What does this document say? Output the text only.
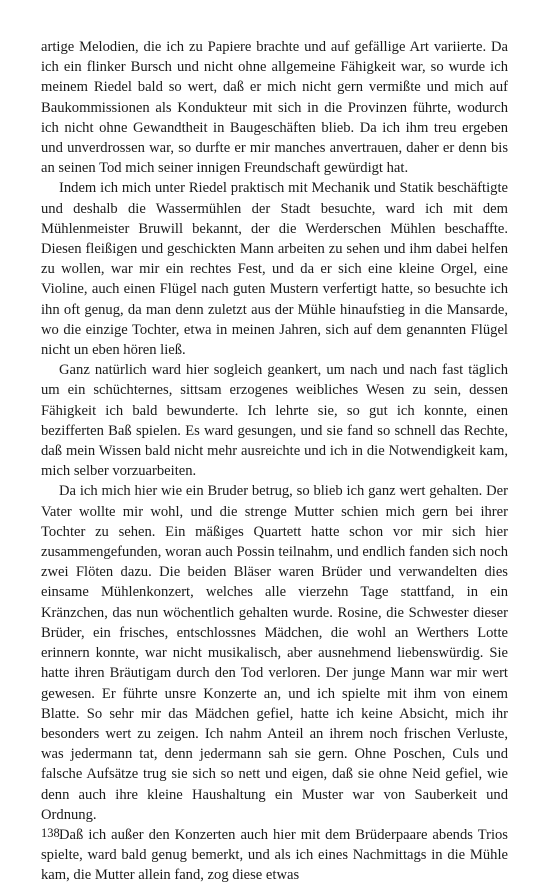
artige Melodien, die ich zu Papiere brachte und auf gefällige Art variierte. Da ich ein flinker Bursch und nicht ohne allgemeine Fähigkeit war, so wurde ich meinem Riedel bald so wert, daß er mich nicht gern vermißte und mich auf Baukommissionen als Kondukteur mit sich in die Provinzen führte, wodurch ich nicht ohne Gewandtheit in Baugeschäften blieb. Da ich ihm treu ergeben und unverdrossen war, so durfte er mir manches anvertrauen, daher er denn bis an seinen Tod mich seiner innigen Freundschaft gewürdigt hat.

Indem ich mich unter Riedel praktisch mit Mechanik und Statik beschäftigte und deshalb die Wassermühlen der Stadt besuchte, ward ich mit dem Mühlenmeister Bruwill bekannt, der die Werderschen Mühlen beschaffte. Diesen fleißigen und geschickten Mann arbeiten zu sehen und ihm dabei helfen zu wollen, war mir ein rechtes Fest, und da er sich eine kleine Orgel, eine Violine, auch einen Flügel nach guten Mustern verfertigt hatte, so besuchte ich ihn oft genug, da man denn zuletzt aus der Mühle hinaufstieg in die Mansarde, wo die einzige Tochter, etwa in meinen Jahren, sich auf dem genannten Flügel nicht un eben hören ließ.

Ganz natürlich ward hier sogleich geankert, um nach und nach fast täglich um ein schüchternes, sittsam erzogenes weibliches Wesen zu sein, dessen Fähigkeit ich bald bewunderte. Ich lehrte sie, so gut ich konnte, einen bezifferten Baß spielen. Es ward gesungen, und sie fand so schnell das Rechte, daß mein Wissen bald nicht mehr ausreichte und ich in die Notwendigkeit kam, mich selber vorzuarbeiten.

Da ich mich hier wie ein Bruder betrug, so blieb ich ganz wert gehalten. Der Vater wollte mir wohl, und die strenge Mutter schien mich gern bei ihrer Tochter zu sehen. Ein mäßiges Quartett hatte schon vor mir sich hier zusammengefunden, woran auch Possin teilnahm, und endlich fanden sich noch zwei Flöten dazu. Die beiden Bläser waren Brüder und verwandelten dies einsame Mühlenkonzert, welches alle vierzehn Tage stattfand, in ein Kränzchen, das nun wöchentlich gehalten wurde. Rosine, die Schwester dieser Brüder, ein frisches, entschlossnes Mädchen, die wohl an Werthers Lotte erinnern konnte, war nicht musikalisch, aber ausnehmend liebenswürdig. Sie hatte ihren Bräutigam durch den Tod verloren. Der junge Mann war mir wert gewesen. Er führte unsre Konzerte an, und ich spielte mit ihm von einem Blatte. So sehr mir das Mädchen gefiel, hatte ich keine Absicht, mich ihr besonders wert zu zeigen. Ich nahm Anteil an ihrem noch frischen Verluste, was jedermann tat, denn jedermann sah sie gern. Ohne Poschen, Culs und falsche Aufsätze trug sie sich so nett und eigen, daß sie ohne Neid gefiel, wie denn auch ihre kleine Haushaltung ein Muster war von Sauberkeit und Ordnung.

Daß ich außer den Konzerten auch hier mit dem Brüderpaare abends Trios spielte, ward bald genug bemerkt, und als ich eines Nachmittags in die Mühle kam, die Mutter allein fand, zog diese etwas

138
